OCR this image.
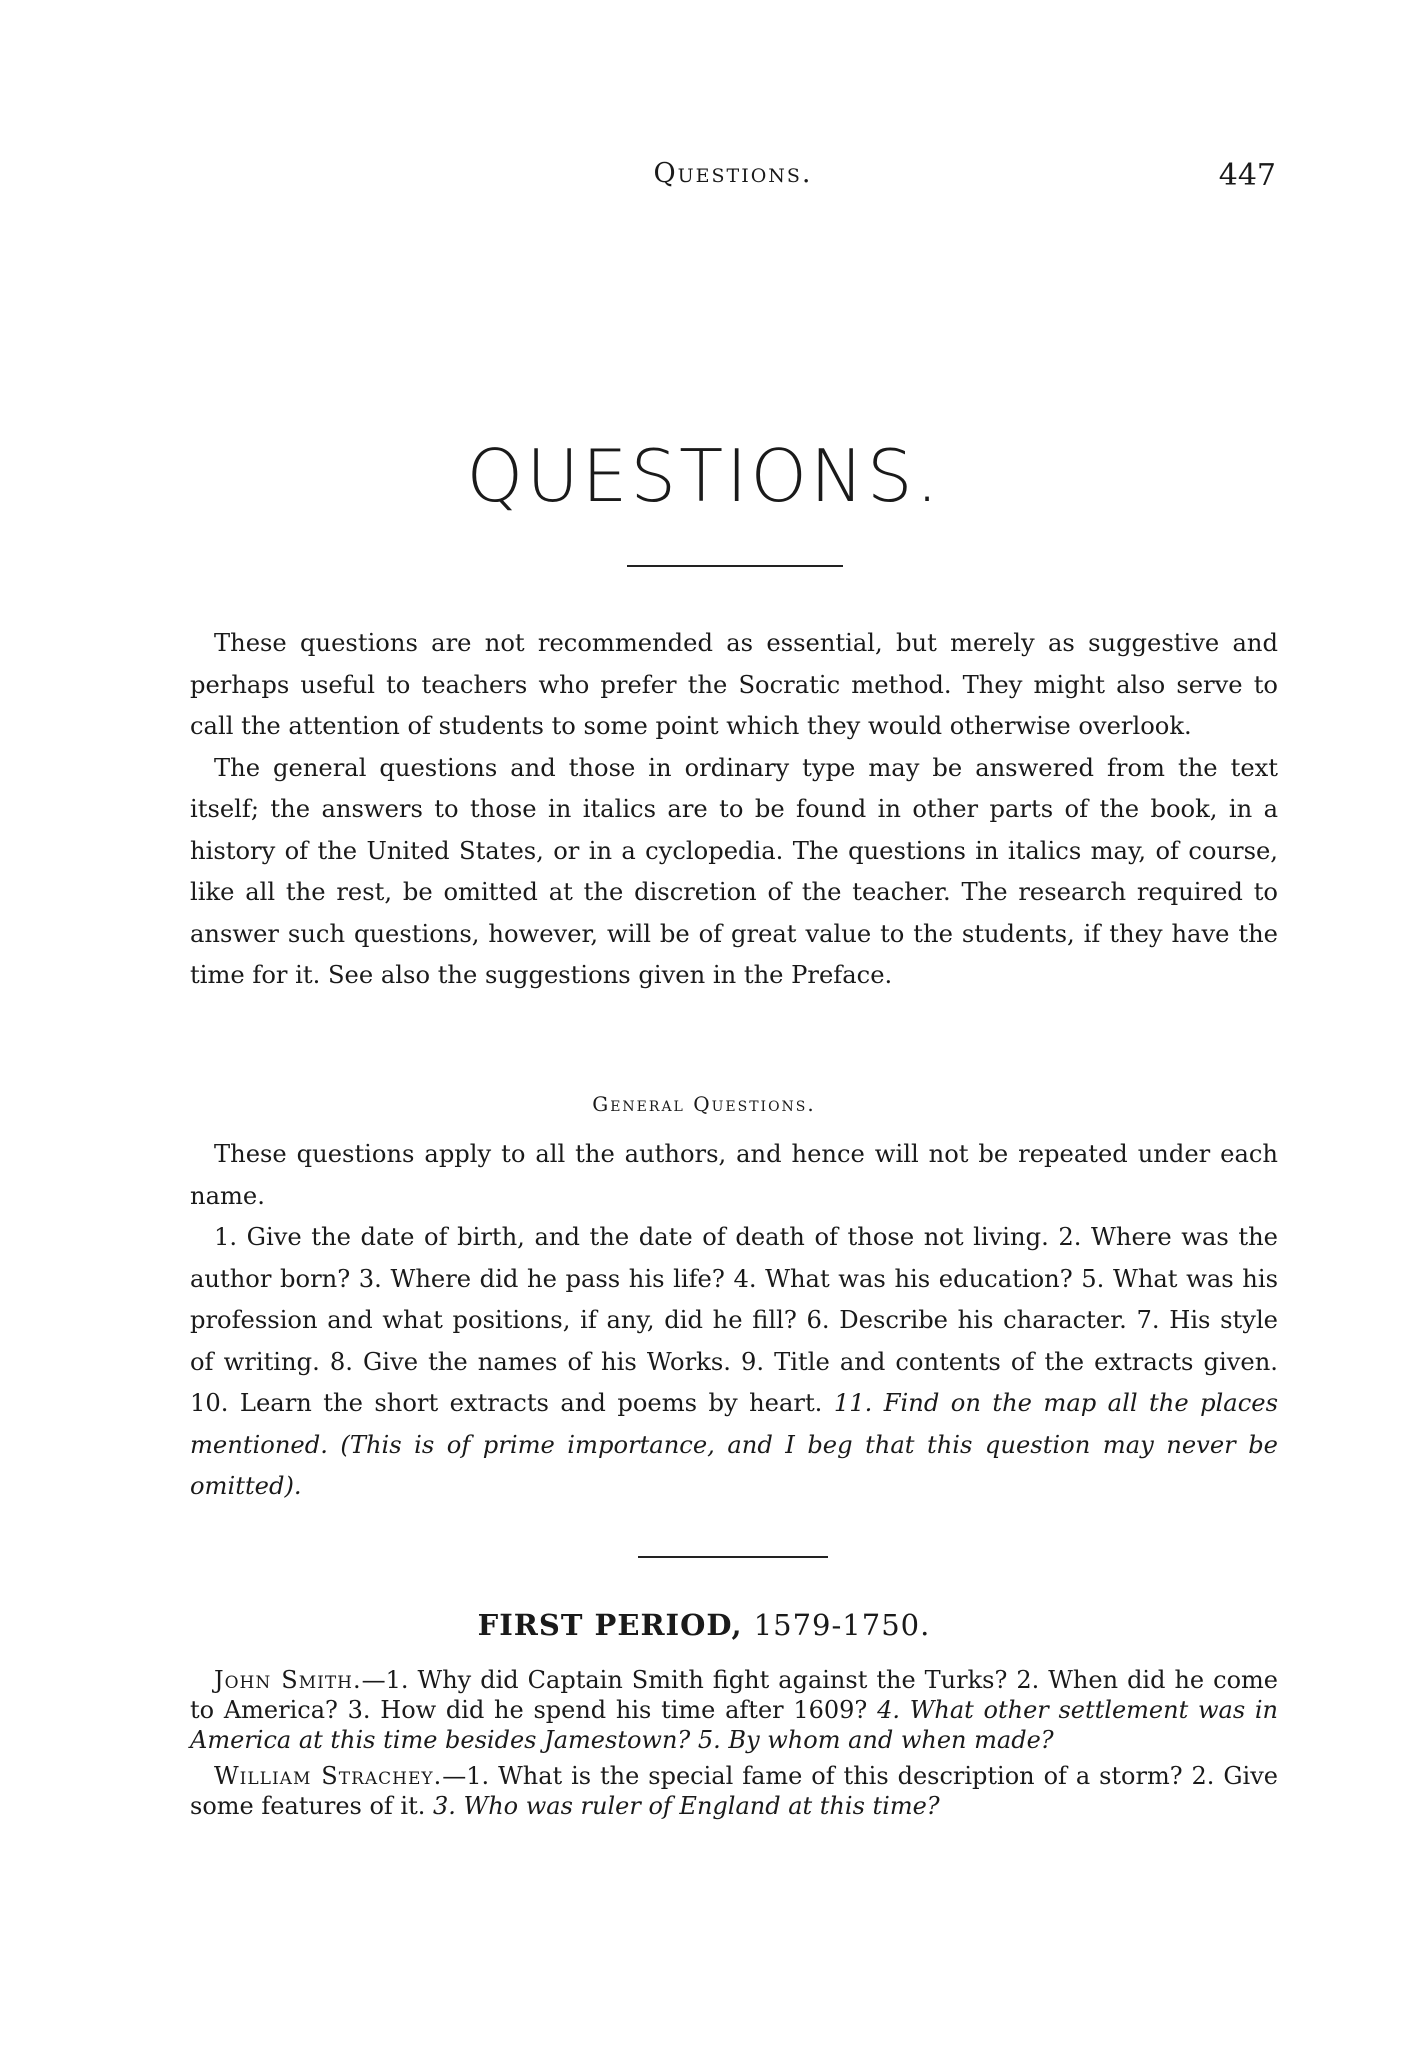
Questions.	447
QUESTIONS.

These questions are not recommended as essential, but merely as suggestive and perhaps useful to teachers who prefer the Socratic method. They might also serve to call the attention of students to some point which they would otherwise overlook.

The general questions and those in ordinary type may be answered from the text itself; the answers to those in italics are to be found in other parts of the book, in a history of the United States, or in a cyclopedia. The questions in italics may, of course, like all the rest, be omitted at the discretion of the teacher. The research required to answer such questions, however, will be of great value to the students, if they have the time for it. See also the suggestions given in the Preface.

General Questions.

These questions apply to all the authors, and hence will not be repeated under each name.

1. Give the date of birth, and the date of death of those not living. 2. Where was the author born? 3. Where did he pass his life? 4. What was his education? 5. What was his profession and what positions, if any, did he fill? 6. Describe his character. 7. His style of writing. 8. Give the names of his Works. 9. Title and contents of the extracts given. 10. Learn the short extracts and poems by heart. 11. Find on the map all the places mentioned. (This is of prime importance, and I beg that this question may never be omitted).

FIRST PERIOD, 1579-1750.

John Smith.—1. Why did Captain Smith fight against the Turks? 2. When did he come to America? 3. How did he spend his time after 1609? 4. What other settlement was in America at this time besides Jamestown? 5. By whom and when made?

William Strachey.—1. What is the special fame of this description of a storm? 2. Give some features of it. 3. Who was ruler of England at this time?
